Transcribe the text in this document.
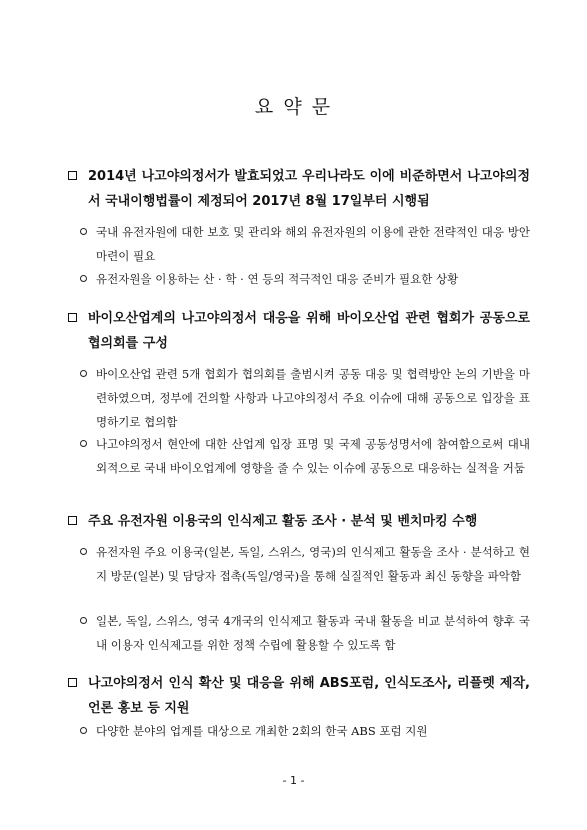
요 약 문
2014년 나고야의정서가 발효되었고 우리나라도 이에 비준하면서 나고야의정서 국내이행법률이 제정되어 2017년 8월 17일부터 시행됨
국내 유전자원에 대한 보호 및 관리와 해외 유전자원의 이용에 관한 전략적인 대응 방안 마련이 필요
유전자원을 이용하는 산 · 학 · 연 등의 적극적인 대응 준비가 필요한 상황
바이오산업계의 나고야의정서 대응을 위해 바이오산업 관련 협회가 공동으로 협의회를 구성
바이오산업 관련 5개 협회가 협의회를 출범시켜 공동 대응 및 협력방안 논의 기반을 마련하였으며, 정부에 건의할 사항과 나고야의정서 주요 이슈에 대해 공동으로 입장을 표명하기로 협의함
나고야의정서 현안에 대한 산업계 입장 표명 및 국제 공동성명서에 참여함으로써 대내외적으로 국내 바이오업계에 영향을 줄 수 있는 이슈에 공동으로 대응하는 실적을 거둠
주요 유전자원 이용국의 인식제고 활동 조사 · 분석 및 벤치마킹 수행
유전자원 주요 이용국(일본, 독일, 스위스, 영국)의 인식제고 활동을 조사 · 분석하고 현지 방문(일본) 및 담당자 접촉(독일/영국)을 통해 실질적인 활동과 최신 동향을 파악함
일본, 독일, 스위스, 영국 4개국의 인식제고 활동과 국내 활동을 비교 분석하여 향후 국내 이용자 인식제고를 위한 정책 수립에 활용할 수 있도록 함
나고야의정서 인식 확산 및 대응을 위해 ABS포럼, 인식도조사, 리플렛 제작, 언론 홍보 등 지원
다양한 분야의 업계를 대상으로 개최한 2회의 한국 ABS 포럼 지원
- 1 -
